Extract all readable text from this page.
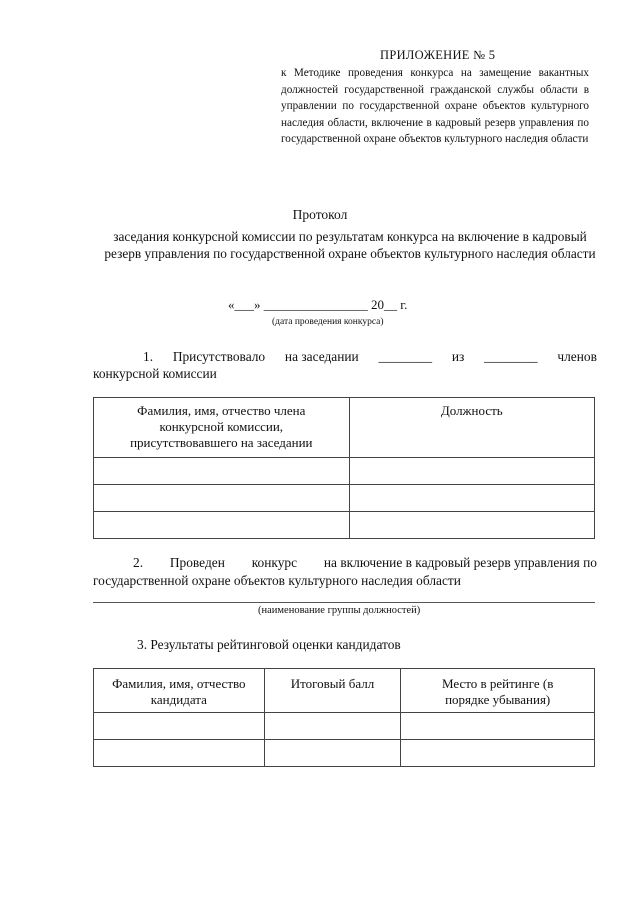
ПРИЛОЖЕНИЕ № 5
к Методике проведения конкурса на замещение вакантных должностей государственной гражданской службы области в управлении по государственной охране объектов культурного наследия области, включение в кадровый резерв управления по государственной охране объектов культурного наследия области
Протокол
заседания конкурсной комиссии по результатам конкурса на включение в кадровый резерв управления по государственной охране объектов культурного наследия области
«___» ________________ 20__ г.
(дата проведения конкурса)
1. Присутствовало на заседании ________ из ________ членов
конкурсной комиссии
Фамилия, имя, отчество члена конкурсной комиссии, присутствовавшего на заседании	Должность

2. Проведен конкурс на включение в кадровый резерв управления по
государственной охране объектов культурного наследия области
(наименование группы должностей)
3. Результаты рейтинговой оценки кандидатов
Фамилия, имя, отчество кандидата	Итоговый балл	Место в рейтинге (в порядке убывания)
